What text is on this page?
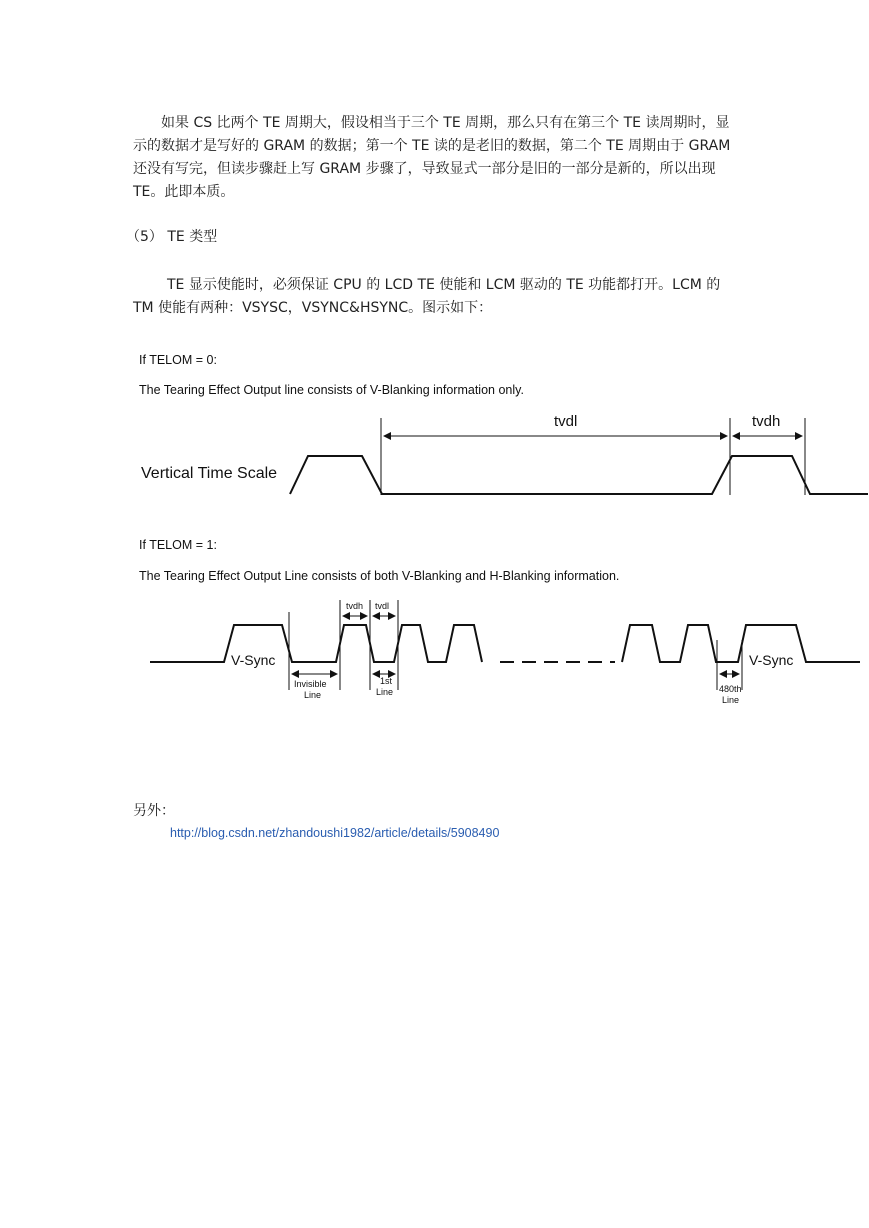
如果 CS 比两个 TE 周期大，假设相当于三个 TE 周期，那么只有在第三个 TE 读周期时，显示的数据才是写好的 GRAM 的数据；第一个 TE 读的是老旧的数据，第二个 TE 周期由于 GRAM 还没有写完，但读步骤赶上写 GRAM 步骤了，导致显式一部分是旧的一部分是新的，所以出现 TE。此即本质。

（5） TE 类型

TE 显示使能时，必须保证 CPU 的 LCD TE 使能和 LCM 驱动的 TE 功能都打开。LCM 的 TM 使能有两种：VSYSC，VSYNC&HSYNC。图示如下：

If TELOM = 0:
The Tearing Effect Output line consists of V-Blanking information only.
tvdl	tvdh
Vertical Time Scale
If TELOM = 1:
The Tearing Effect Output Line consists of both V-Blanking and H-Blanking information.
V-Sync	V-Sync
tvdh tvdl
Invisible
Line
1st
Line	480th
Line
另外：
http://blog.csdn.net/zhandoushi1982/article/details/5908490
